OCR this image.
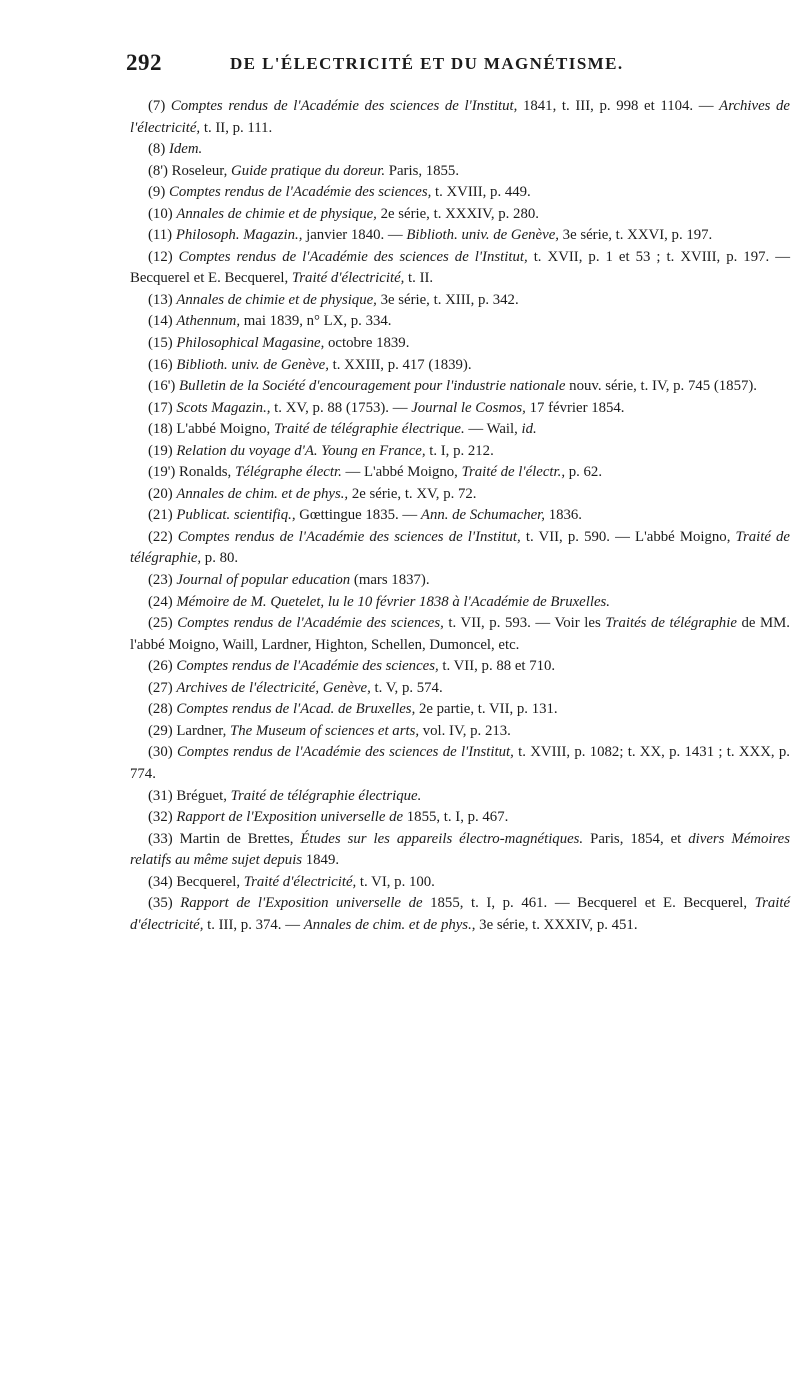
292	DE L'ÉLECTRICITÉ ET DU MAGNÉTISME.

(7) Comptes rendus de l'Académie des sciences de l'Institut, 1841, t. III, p. 998 et 1104. — Archives de l'électricité, t. II, p. 111.

(8) Idem.

(8') Roseleur, Guide pratique du doreur. Paris, 1855.

(9) Comptes rendus de l'Académie des sciences, t. XVIII, p. 449.

(10) Annales de chimie et de physique, 2e série, t. XXXIV, p. 280.

(11) Philosoph. Magazin., janvier 1840. — Biblioth. univ. de Genève, 3e série, t. XXVI, p. 197.

(12) Comptes rendus de l'Académie des sciences de l'Institut, t. XVII, p. 1 et 53 ; t. XVIII, p. 197. — Becquerel et E. Becquerel, Traité d'électricité, t. II.

(13) Annales de chimie et de physique, 3e série, t. XIII, p. 342.

(14) Athennum, mai 1839, n° LX, p. 334.

(15) Philosophical Magasine, octobre 1839.

(16) Biblioth. univ. de Genève, t. XXIII, p. 417 (1839).

(16') Bulletin de la Société d'encouragement pour l'industrie nationale nouv. série, t. IV, p. 745 (1857).

(17) Scots Magazin., t. XV, p. 88 (1753). — Journal le Cosmos, 17 février 1854.

(18) L'abbé Moigno, Traité de télégraphie électrique. — Wail, id.

(19) Relation du voyage d'A. Young en France, t. I, p. 212.

(19') Ronalds, Télégraphe électr. — L'abbé Moigno, Traité de l'électr., p. 62.

(20) Annales de chim. et de phys., 2e série, t. XV, p. 72.

(21) Publicat. scientifiq., Gœttingue 1835. — Ann. de Schumacher, 1836.

(22) Comptes rendus de l'Académie des sciences de l'Institut, t. VII, p. 590. — L'abbé Moigno, Traité de télégraphie, p. 80.

(23) Journal of popular education (mars 1837).

(24) Mémoire de M. Quetelet, lu le 10 février 1838 à l'Académie de Bruxelles.

(25) Comptes rendus de l'Académie des sciences, t. VII, p. 593. — Voir les Traités de télégraphie de MM. l'abbé Moigno, Waill, Lardner, Highton, Schellen, Dumoncel, etc.

(26) Comptes rendus de l'Académie des sciences, t. VII, p. 88 et 710.

(27) Archives de l'électricité, Genève, t. V, p. 574.

(28) Comptes rendus de l'Acad. de Bruxelles, 2e partie, t. VII, p. 131.

(29) Lardner, The Museum of sciences et arts, vol. IV, p. 213.

(30) Comptes rendus de l'Académie des sciences de l'Institut, t. XVIII, p. 1082; t. XX, p. 1431 ; t. XXX, p. 774.

(31) Bréguet, Traité de télégraphie électrique.

(32) Rapport de l'Exposition universelle de 1855, t. I, p. 467.

(33) Martin de Brettes, Études sur les appareils électro-magnétiques. Paris, 1854, et divers Mémoires relatifs au même sujet depuis 1849.

(34) Becquerel, Traité d'électricité, t. VI, p. 100.

(35) Rapport de l'Exposition universelle de 1855, t. I, p. 461. — Becquerel et E. Becquerel, Traité d'électricité, t. III, p. 374. — Annales de chim. et de phys., 3e série, t. XXXIV, p. 451.
